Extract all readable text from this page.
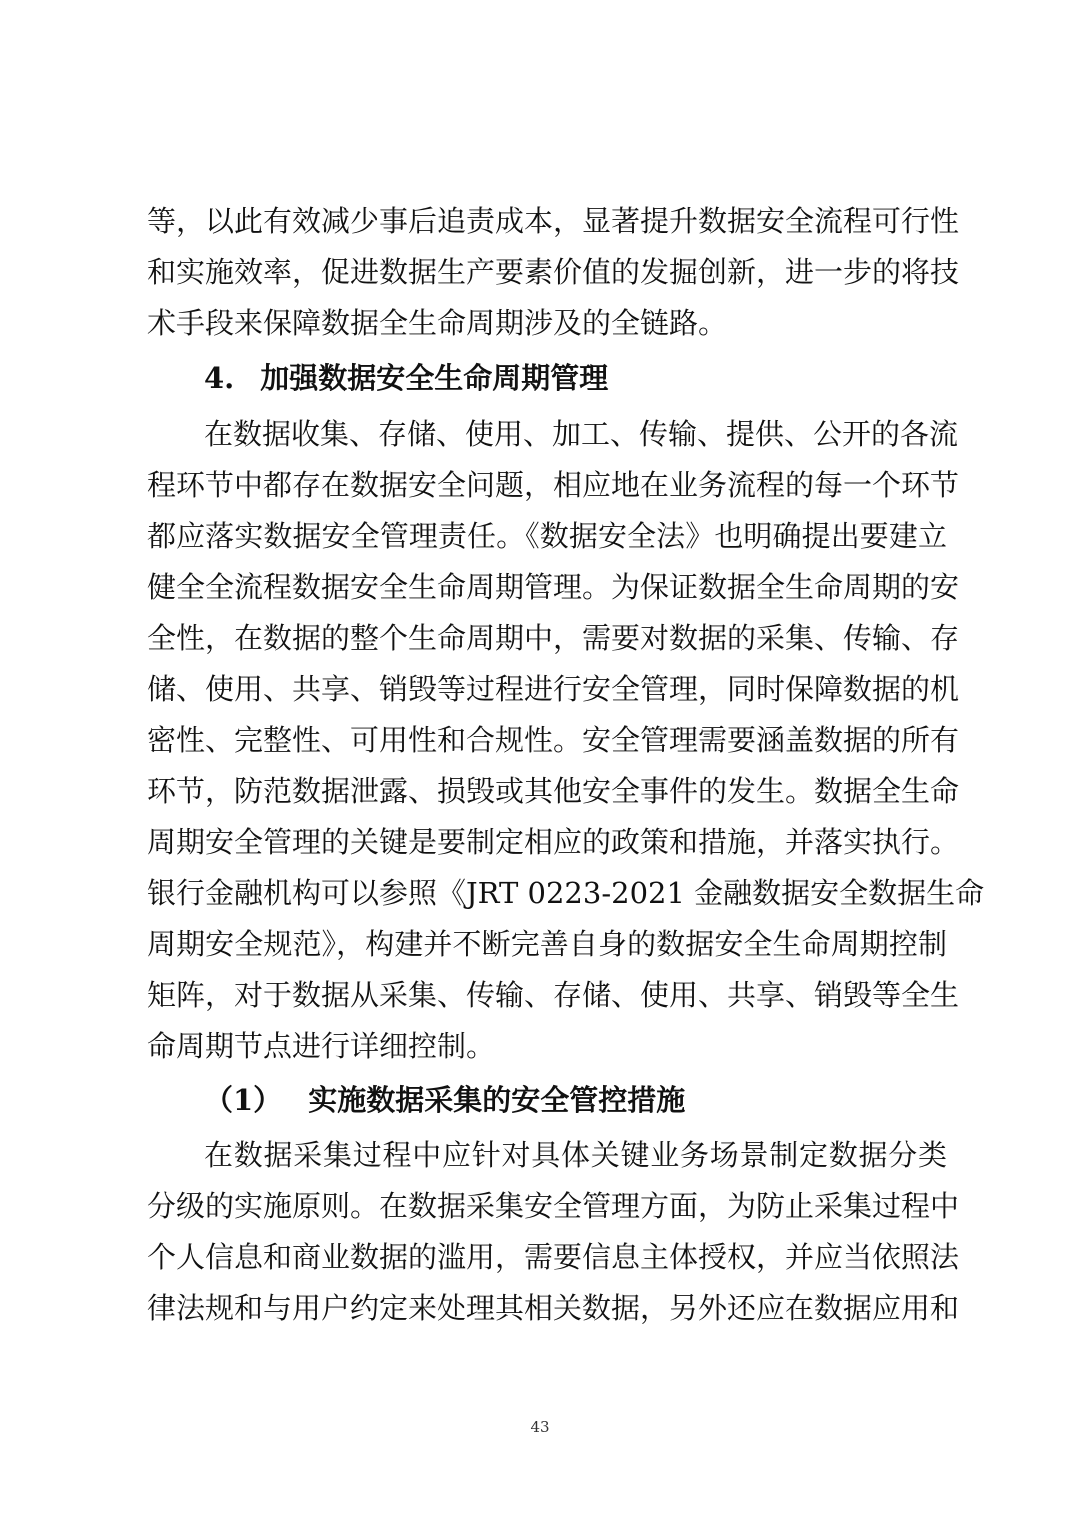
等，以此有效减少事后追责成本，显著提升数据安全流程可行性
和实施效率，促进数据生产要素价值的发掘创新，进一步的将技
术手段来保障数据全生命周期涉及的全链路。
4. 加强数据安全生命周期管理
在数据收集、存储、使用、加工、传输、提供、公开的各流
程环节中都存在数据安全问题，相应地在业务流程的每一个环节
都应落实数据安全管理责任。《数据安全法》也明确提出要建立
健全全流程数据安全生命周期管理。为保证数据全生命周期的安
全性，在数据的整个生命周期中，需要对数据的采集、传输、存
储、使用、共享、销毁等过程进行安全管理，同时保障数据的机
密性、完整性、可用性和合规性。安全管理需要涵盖数据的所有
环节，防范数据泄露、损毁或其他安全事件的发生。数据全生命
周期安全管理的关键是要制定相应的政策和措施，并落实执行。
银行金融机构可以参照《JRT 0223-2021 金融数据安全数据生命
周期安全规范》，构建并不断完善自身的数据安全生命周期控制
矩阵，对于数据从采集、传输、存储、使用、共享、销毁等全生
命周期节点进行详细控制。
（1） 实施数据采集的安全管控措施
在数据采集过程中应针对具体关键业务场景制定数据分类
分级的实施原则。在数据采集安全管理方面，为防止采集过程中
个人信息和商业数据的滥用，需要信息主体授权，并应当依照法
律法规和与用户约定来处理其相关数据，另外还应在数据应用和
43
